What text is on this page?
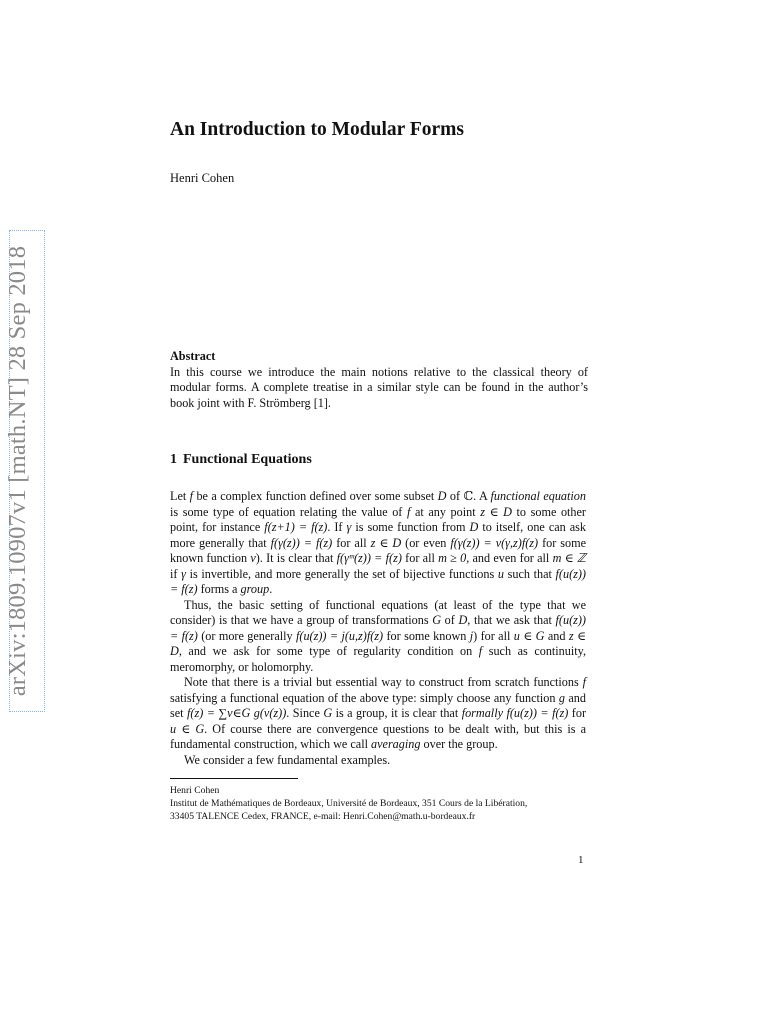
arXiv:1809.10907v1 [math.NT] 28 Sep 2018
An Introduction to Modular Forms
Henri Cohen
Abstract
In this course we introduce the main notions relative to the classical theory of modular forms. A complete treatise in a similar style can be found in the author’s book joint with F. Strömberg [1].
1 Functional Equations

Let f be a complex function defined over some subset D of ℂ. A functional equation is some type of equation relating the value of f at any point z ∈ D to some other point, for instance f(z+1) = f(z). If γ is some function from D to itself, one can ask more generally that f(γ(z)) = f(z) for all z ∈ D (or even f(γ(z)) = v(γ,z)f(z) for some known function v). It is clear that f(γᵐ(z)) = f(z) for all m ≥ 0, and even for all m ∈ ℤ if γ is invertible, and more generally the set of bijective functions u such that f(u(z)) = f(z) forms a group.

Thus, the basic setting of functional equations (at least of the type that we consider) is that we have a group of transformations G of D, that we ask that f(u(z)) = f(z) (or more generally f(u(z)) = j(u,z)f(z) for some known j) for all u ∈ G and z ∈ D, and we ask for some type of regularity condition on f such as continuity, meromorphy, or holomorphy.

Note that there is a trivial but essential way to construct from scratch functions f satisfying a functional equation of the above type: simply choose any function g and set f(z) = ∑v∈G g(v(z)). Since G is a group, it is clear that formally f(u(z)) = f(z) for u ∈ G. Of course there are convergence questions to be dealt with, but this is a fundamental construction, which we call averaging over the group.

We consider a few fundamental examples.

Henri Cohen
Institut de Mathématiques de Bordeaux, Université de Bordeaux, 351 Cours de la Libération,
33405 TALENCE Cedex, FRANCE, e-mail: Henri.Cohen@math.u-bordeaux.fr
1
